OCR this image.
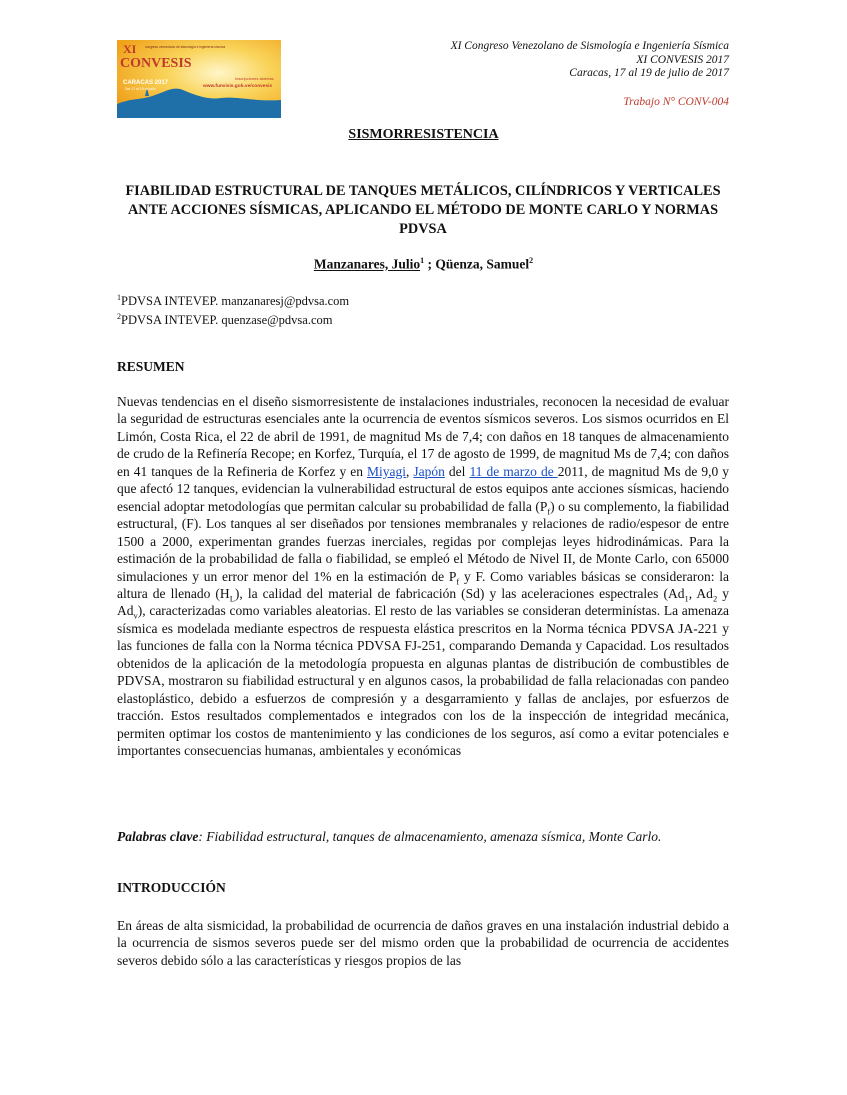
XI
CONVESIS
congreso venezolano de sismología e ingeniería sísmica
CARACAS 2017
Del 17 al 19 de julio
Inscripciones abiertas
www.funvisis.gob.ve/convesis
XI Congreso Venezolano de Sismología e Ingeniería Sísmica
XI CONVESIS 2017
Caracas, 17 al 19 de julio de 2017
Trabajo N° CONV-004
SISMORRESISTENCIA
FIABILIDAD ESTRUCTURAL DE TANQUES METÁLICOS, CILÍNDRICOS Y VERTICALES ANTE ACCIONES SÍSMICAS, APLICANDO EL MÉTODO DE MONTE CARLO Y NORMAS PDVSA
Manzanares, Julio$^1$ ; Qüenza, Samuel$^2$
$^1$PDVSA INTEVEP. manzanaresj@pdvsa.com
$^2$PDVSA INTEVEP. quenzase@pdvsa.com
RESUMEN
Nuevas tendencias en el diseño sismorresistente de instalaciones industriales, reconocen la necesidad de evaluar la seguridad de estructuras esenciales ante la ocurrencia de eventos sísmicos severos. Los sismos ocurridos en El Limón, Costa Rica, el 22 de abril de 1991, de magnitud Ms de 7,4; con daños en 18 tanques de almacenamiento de crudo de la Refinería Recope; en Korfez, Turquía, el 17 de agosto de 1999, de magnitud Ms de 7,4; con daños en 41 tanques de la Refineria de Korfez y en Miyagi, Japón del 11 de marzo de 2011, de magnitud Ms de 9,0 y que afectó 12 tanques, evidencian la vulnerabilidad estructural de estos equipos ante acciones sísmicas, haciendo esencial adoptar metodologías que permitan calcular su probabilidad de falla $(P_f)$ o su complemento, la fiabilidad estructural, (F). Los tanques al ser diseñados por tensiones membranales y relaciones de radio/espesor de entre 1500 a 2000, experimentan grandes fuerzas inerciales, regidas por complejas leyes hidrodinámicas. Para la estimación de la probabilidad de falla o fiabilidad, se empleó el Método de Nivel II, de Monte Carlo, con 65000 simulaciones y un error menor del 1% en la estimación de $P_f$ y F. Como variables básicas se consideraron: la altura de llenado $(H_L)$, la calidad del material de fabricación (Sd) y las aceleraciones espectrales ($Ad_1$, $Ad_2$ y $Ad_v$), caracterizadas como variables aleatorias. El resto de las variables se consideran determinístas. La amenaza sísmica es modelada mediante espectros de respuesta elástica prescritos en la Norma técnica PDVSA JA-221 y las funciones de falla con la Norma técnica PDVSA FJ-251, comparando Demanda y Capacidad. Los resultados obtenidos de la aplicación de la metodología propuesta en algunas plantas de distribución de combustibles de PDVSA, mostraron su fiabilidad estructural y en algunos casos, la probabilidad de falla relacionadas con pandeo elastoplástico, debido a esfuerzos de compresión y a desgarramiento y fallas de anclajes, por esfuerzos de tracción. Estos resultados complementados e integrados con los de la inspección de integridad mecánica, permiten optimar los costos de mantenimiento y las condiciones de los seguros, así como a evitar potenciales e importantes consecuencias humanas, ambientales y económicas
Palabras clave: Fiabilidad estructural, tanques de almacenamiento, amenaza sísmica, Monte Carlo.
INTRODUCCIÓN
En áreas de alta sismicidad, la probabilidad de ocurrencia de daños graves en una instalación industrial debido a la ocurrencia de sismos severos puede ser del mismo orden que la probabilidad de ocurrencia de accidentes severos debido sólo a las características y riesgos propios de las
